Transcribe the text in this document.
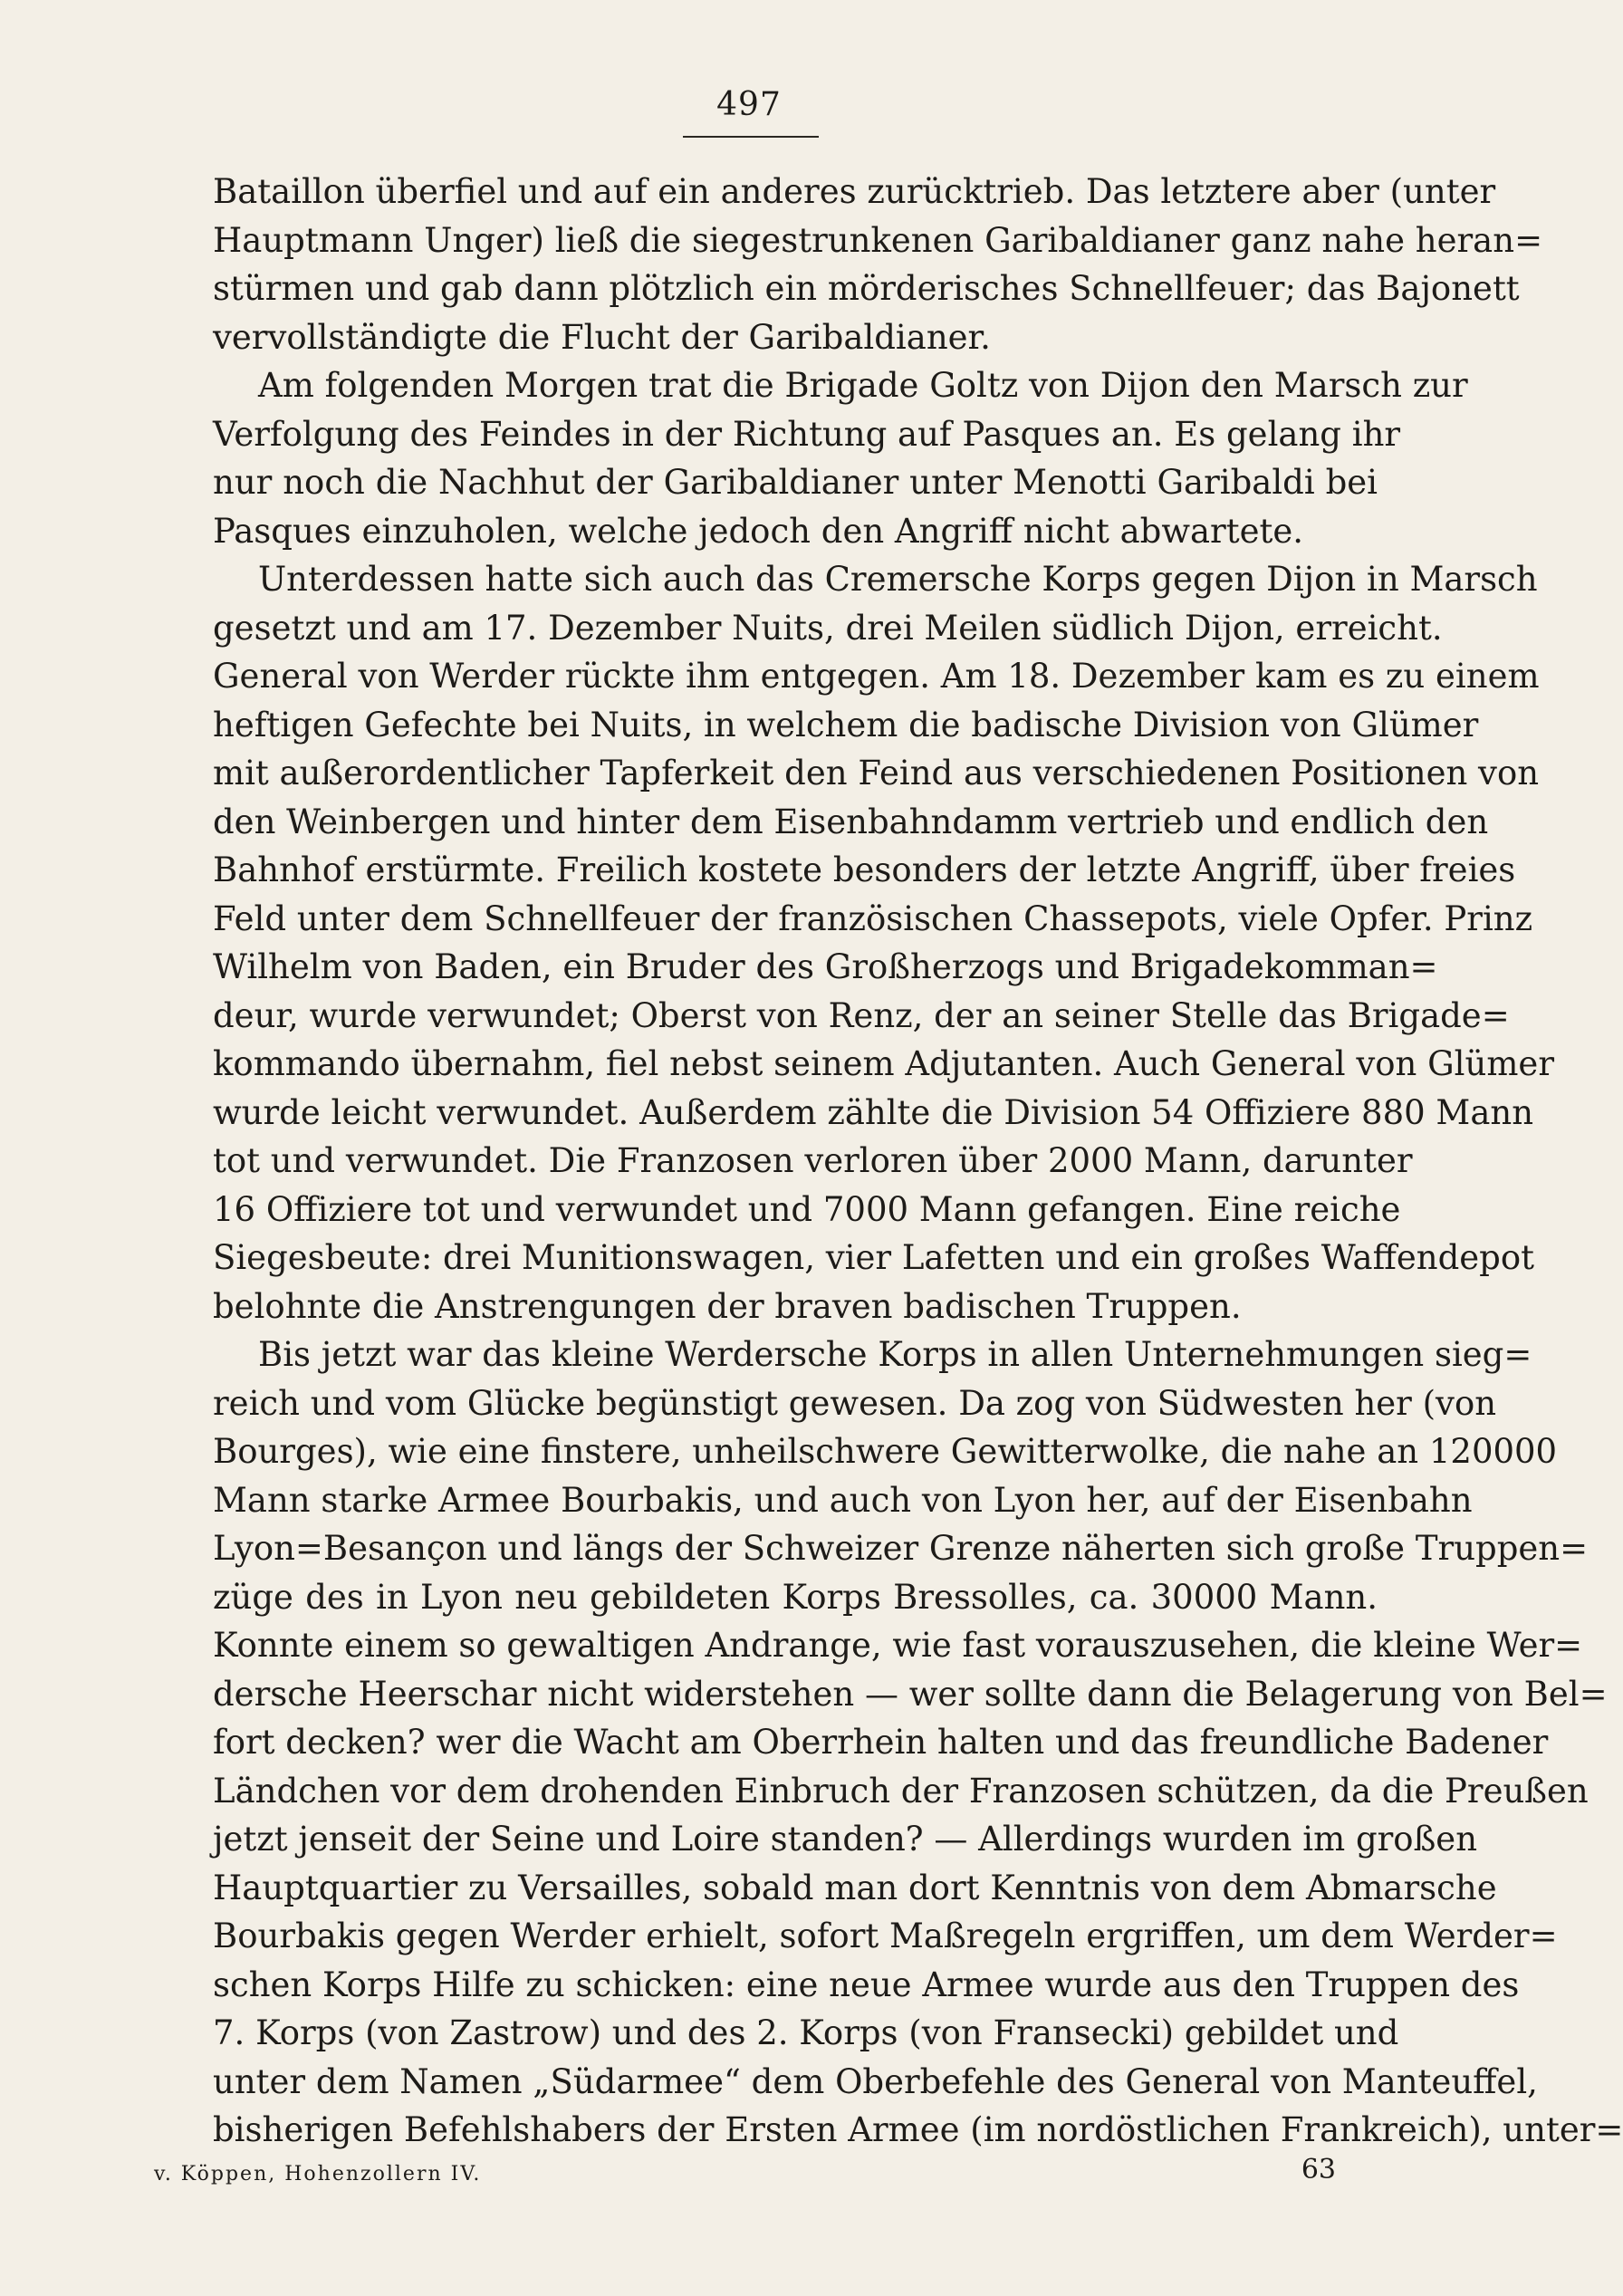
497
Bataillon überfiel und auf ein anderes zurücktrieb. Das letztere aber (unter
Hauptmann Unger) ließ die siegestrunkenen Garibaldianer ganz nahe heran=
stürmen und gab dann plötzlich ein mörderisches Schnellfeuer; das Bajonett
vervollständigte die Flucht der Garibaldianer.
Am folgenden Morgen trat die Brigade Goltz von Dijon den Marsch zur
Verfolgung des Feindes in der Richtung auf Pasques an. Es gelang ihr
nur noch die Nachhut der Garibaldianer unter Menotti Garibaldi bei
Pasques einzuholen, welche jedoch den Angriff nicht abwartete.
Unterdessen hatte sich auch das Cremersche Korps gegen Dijon in Marsch
gesetzt und am 17. Dezember Nuits, drei Meilen südlich Dijon, erreicht.
General von Werder rückte ihm entgegen. Am 18. Dezember kam es zu einem
heftigen Gefechte bei Nuits, in welchem die badische Division von Glümer
mit außerordentlicher Tapferkeit den Feind aus verschiedenen Positionen von
den Weinbergen und hinter dem Eisenbahndamm vertrieb und endlich den
Bahnhof erstürmte. Freilich kostete besonders der letzte Angriff, über freies
Feld unter dem Schnellfeuer der französischen Chassepots, viele Opfer. Prinz
Wilhelm von Baden, ein Bruder des Großherzogs und Brigadekomman=
deur, wurde verwundet; Oberst von Renz, der an seiner Stelle das Brigade=
kommando übernahm, fiel nebst seinem Adjutanten. Auch General von Glümer
wurde leicht verwundet. Außerdem zählte die Division 54 Offiziere 880 Mann
tot und verwundet. Die Franzosen verloren über 2000 Mann, darunter
16 Offiziere tot und verwundet und 7000 Mann gefangen. Eine reiche
Siegesbeute: drei Munitionswagen, vier Lafetten und ein großes Waffendepot
belohnte die Anstrengungen der braven badischen Truppen.
Bis jetzt war das kleine Werdersche Korps in allen Unternehmungen sieg=
reich und vom Glücke begünstigt gewesen. Da zog von Südwesten her (von
Bourges), wie eine finstere, unheilschwere Gewitterwolke, die nahe an 120000
Mann starke Armee Bourbakis, und auch von Lyon her, auf der Eisenbahn
Lyon=Besançon und längs der Schweizer Grenze näherten sich große Truppen=
züge des in Lyon neu gebildeten Korps Bressolles, ca. 30000 Mann.
Konnte einem so gewaltigen Andrange, wie fast vorauszusehen, die kleine Wer=
dersche Heerschar nicht widerstehen — wer sollte dann die Belagerung von Bel=
fort decken? wer die Wacht am Oberrhein halten und das freundliche Badener
Ländchen vor dem drohenden Einbruch der Franzosen schützen, da die Preußen
jetzt jenseit der Seine und Loire standen? — Allerdings wurden im großen
Hauptquartier zu Versailles, sobald man dort Kenntnis von dem Abmarsche
Bourbakis gegen Werder erhielt, sofort Maßregeln ergriffen, um dem Werder=
schen Korps Hilfe zu schicken: eine neue Armee wurde aus den Truppen des
7. Korps (von Zastrow) und des 2. Korps (von Fransecki) gebildet und
unter dem Namen „Südarmee“ dem Oberbefehle des General von Manteuffel,
bisherigen Befehlshabers der Ersten Armee (im nordöstlichen Frankreich), unter=
v. Köppen, Hohenzollern IV.	63
